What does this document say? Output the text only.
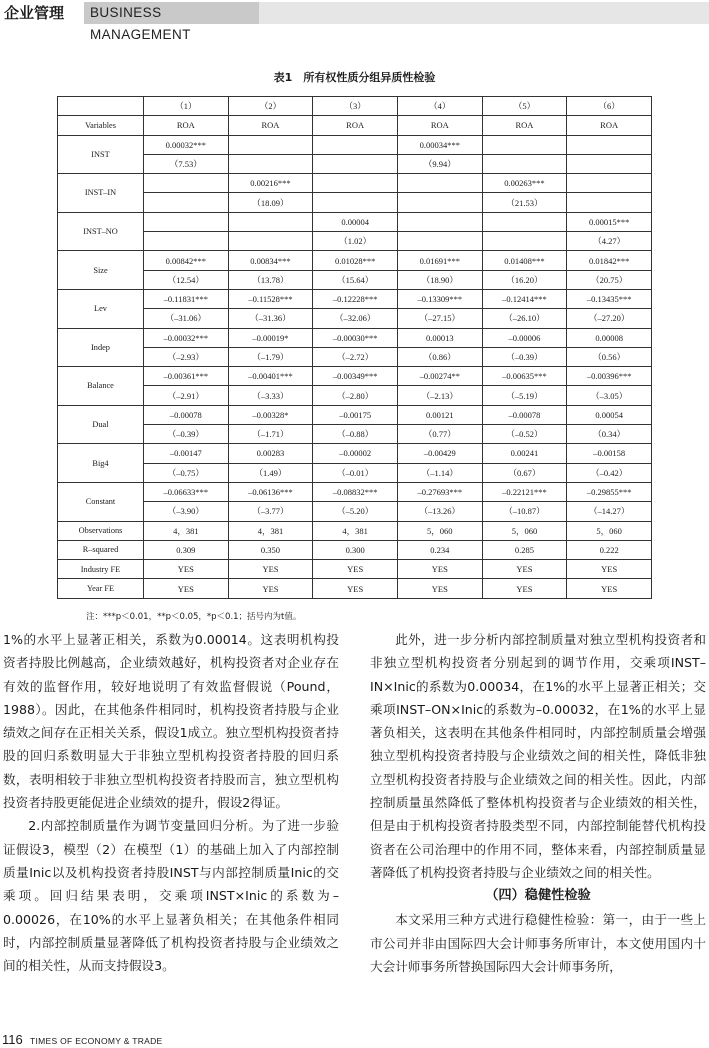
企业管理	BUSINESS MANAGEMENT
表1　所有权性质分组异质性检验
	（1）	（2）	（3）	（4）	（5）	（6）
Variables	ROA	ROA	ROA	ROA	ROA	ROA
INST	0.00032***			0.00034***		
	（7.53）			（9.94）		
INST–IN		0.00216***			0.00263***	
		（18.09）			（21.53）	
INST–NO			0.00004			0.00015***
			（1.02）			（4.27）
Size	0.00842***	0.00834***	0.01028***	0.01691***	0.01408***	0.01842***
	（12.54）	（13.78）	（15.64）	（18.90）	（16.20）	（20.75）
Lev	–0.11831***	–0.11528***	–0.12228***	–0.13309***	–0.12414***	–0.13435***
	（–31.06）	（–31.36）	（–32.06）	（–27.15）	（–26.10）	（–27.20）
Indep	–0.00032***	–0.00019*	–0.00030***	0.00013	–0.00006	0.00008
	（–2.93）	（–1.79）	（–2.72）	（0.86）	（–0.39）	（0.56）
Balance	–0.00361***	–0.00401***	–0.00349***	–0.00274**	–0.00635***	–0.00396***
	（–2.91）	（–3.33）	（–2.80）	（–2.13）	（–5.19）	（–3.05）
Dual	–0.00078	–0.00328*	–0.00175	0.00121	–0.00078	0.00054
	（–0.39）	（–1.71）	（–0.88）	（0.77）	（–0.52）	（0.34）
Big4	–0.00147	0.00283	–0.00002	–0.00429	0.00241	–0.00158
	（–0.75）	（1.49）	（–0.01）	（–1.14）	（0.67）	（–0.42）
Constant	–0.06633***	–0.06136***	–0.08832***	–0.27693***	–0.22121***	–0.29855***
	（–3.90）	（–3.77）	（–5.20）	（–13.26）	（–10.87）	（–14.27）
Observations	4，381	4，381	4，381	5，060	5，060	5，060
R–squared	0.309	0.350	0.300	0.234	0.285	0.222
Industry FE	YES	YES	YES	YES	YES	YES
Year FE	YES	YES	YES	YES	YES	YES
注：***p＜0.01，**p＜0.05，*p＜0.1；括号内为t值。

1%的水平上显著正相关，系数为0.00014。这表明机构投资者持股比例越高，企业绩效越好，机构投资者对企业存在有效的监督作用，较好地说明了有效监督假说（Pound，1988）。因此，在其他条件相同时，机构投资者持股与企业绩效之间存在正相关关系，假设1成立。独立型机构投资者持股的回归系数明显大于非独立型机构投资者持股的回归系数，表明相较于非独立型机构投资者持股而言，独立型机构投资者持股更能促进企业绩效的提升，假设2得证。

2.内部控制质量作为调节变量回归分析。为了进一步验证假设3，模型（2）在模型（1）的基础上加入了内部控制质量Inic以及机构投资者持股INST与内部控制质量Inic的交乘项。回归结果表明，交乘项INST×Inic的系数为–0.00026，在10%的水平上显著负相关；在其他条件相同时，内部控制质量显著降低了机构投资者持股与企业绩效之间的相关性，从而支持假设3。

此外，进一步分析内部控制质量对独立型机构投资者和非独立型机构投资者分别起到的调节作用，交乘项INST–IN×Inic的系数为0.00034，在1%的水平上显著正相关；交乘项INST–ON×Inic的系数为–0.00032，在1%的水平上显著负相关，这表明在其他条件相同时，内部控制质量会增强独立型机构投资者持股与企业绩效之间的相关性，降低非独立型机构投资者持股与企业绩效之间的相关性。因此，内部控制质量虽然降低了整体机构投资者与企业绩效的相关性，但是由于机构投资者持股类型不同，内部控制能替代机构投资者在公司治理中的作用不同，整体来看，内部控制质量显著降低了机构投资者持股与企业绩效之间的相关性。

（四）稳健性检验

本文采用三种方式进行稳健性检验：第一，由于一些上市公司并非由国际四大会计师事务所审计，本文使用国内十大会计师事务所替换国际四大会计师事务所，

116 TIMES OF ECONOMY & TRADE
